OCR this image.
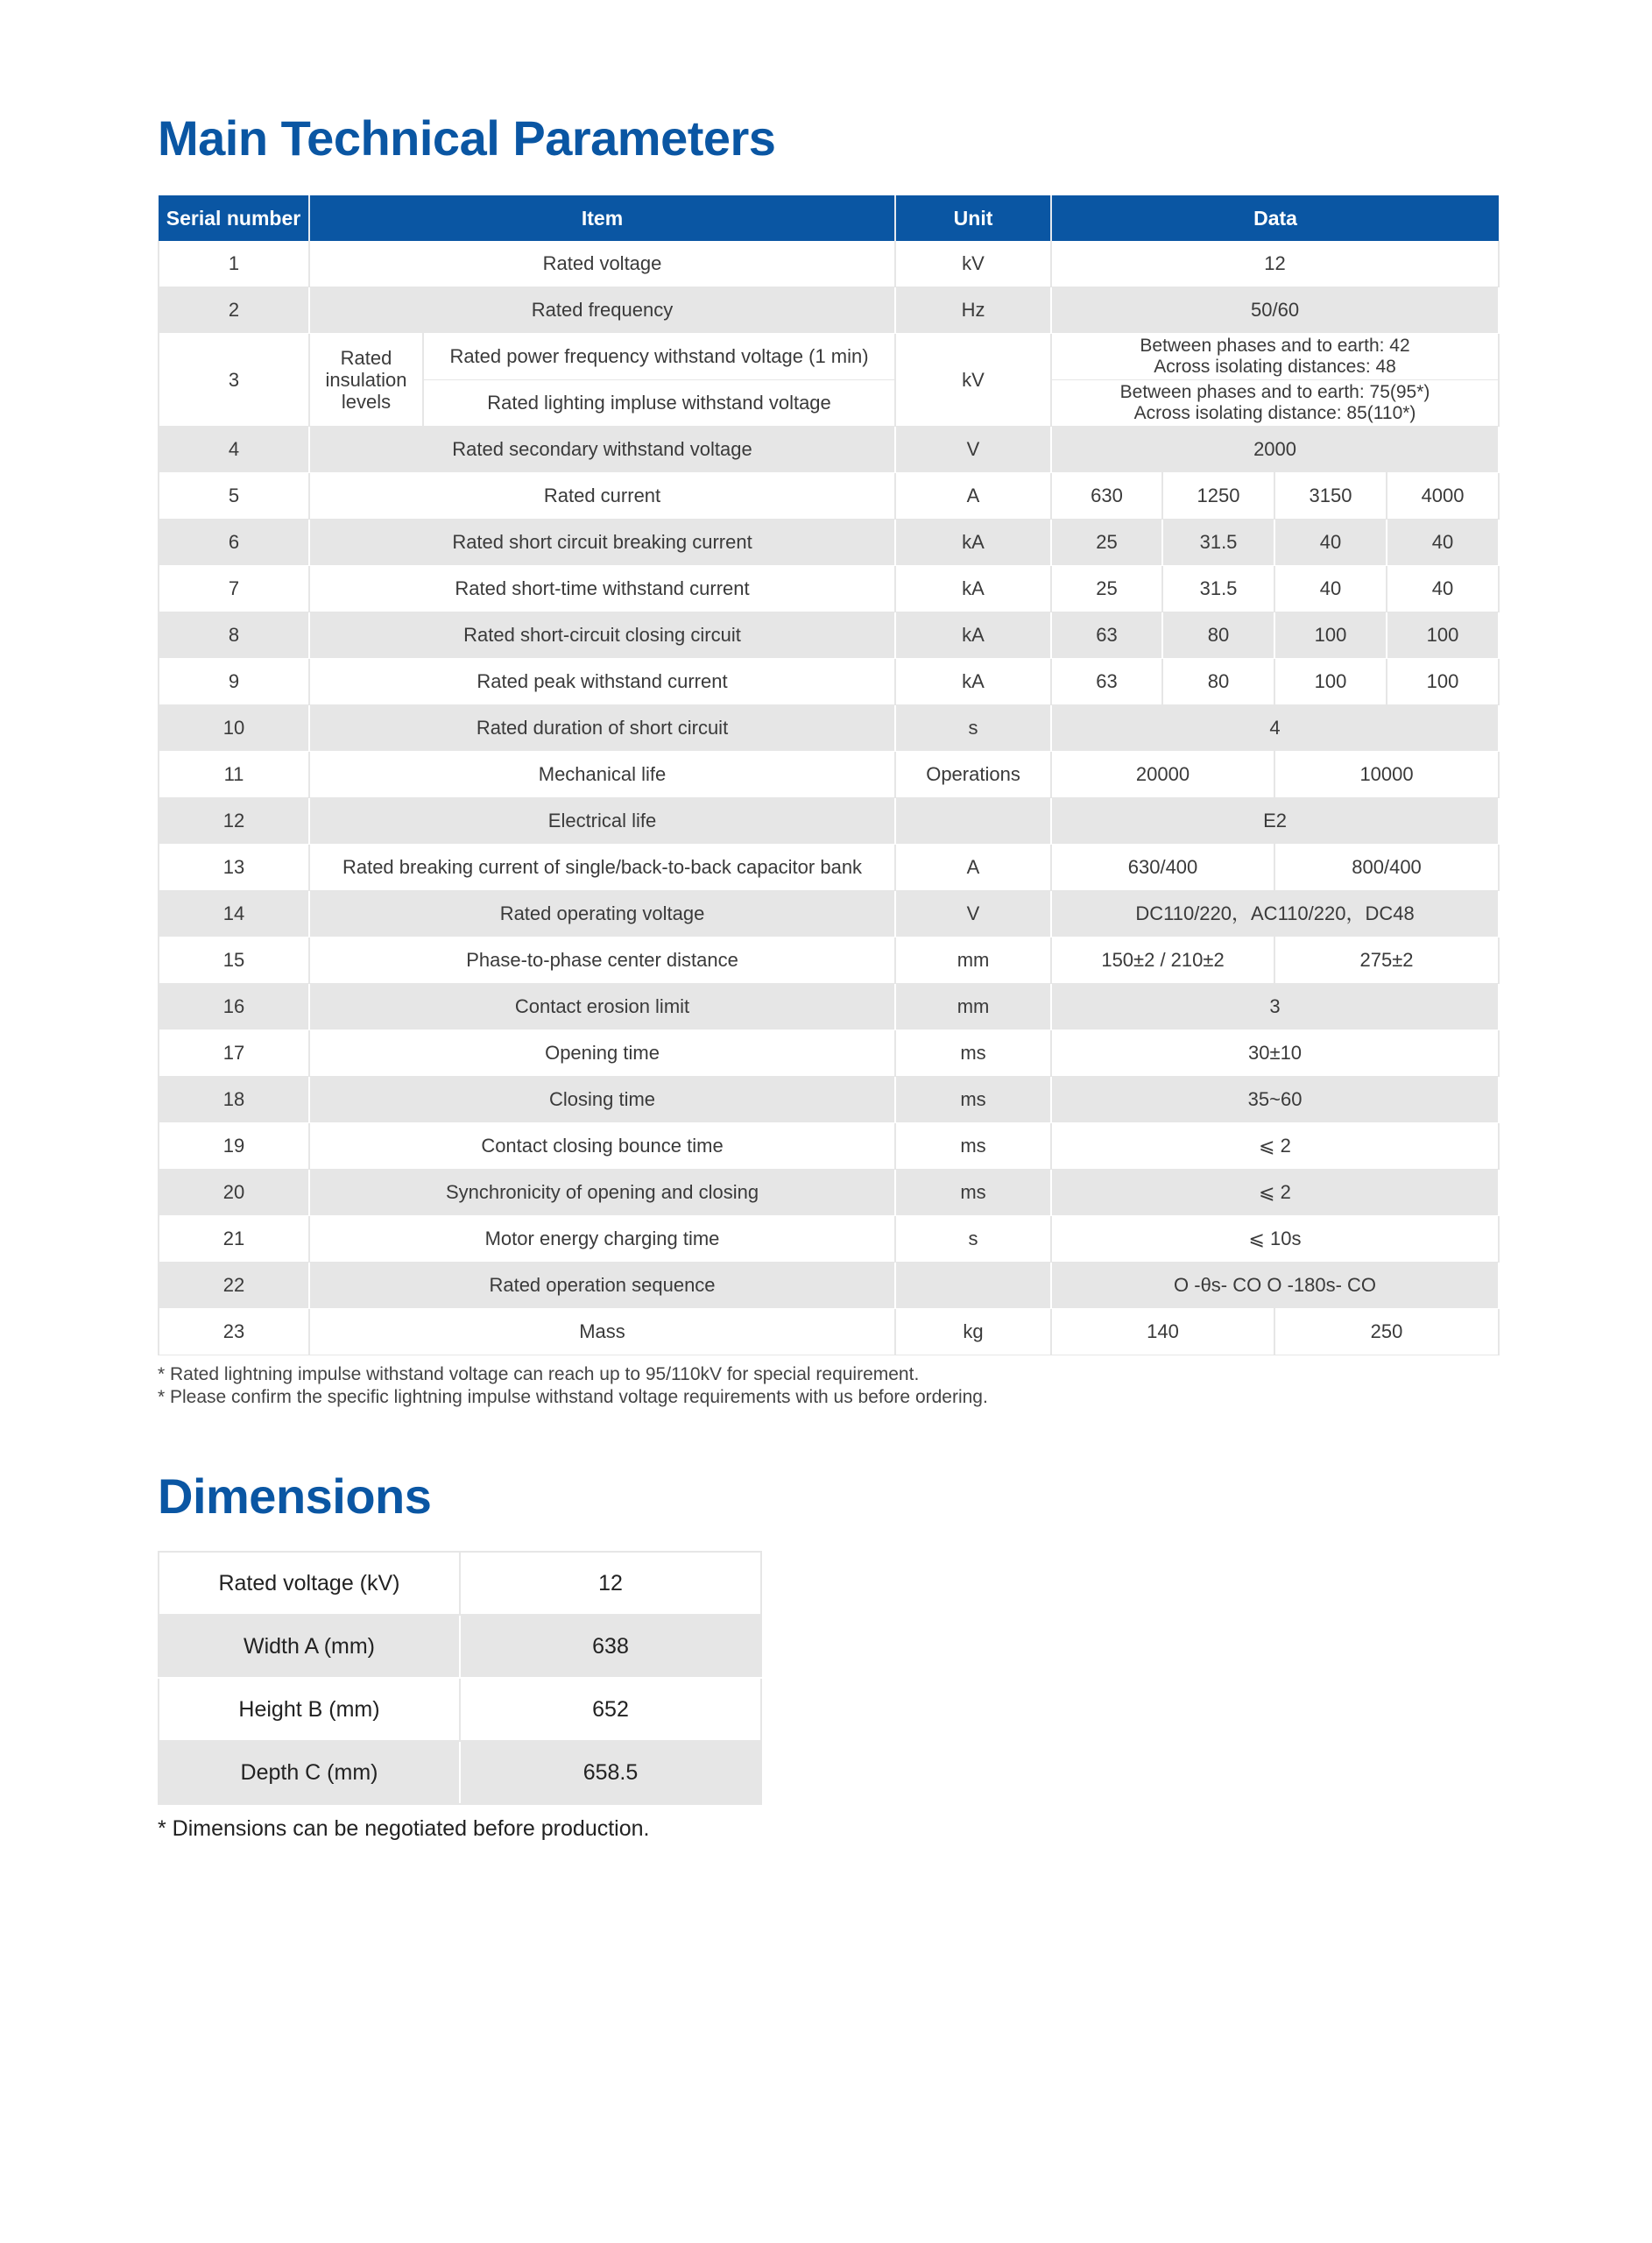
Main Technical Parameters
Serial number	Item		Unit	Data			
1	Rated voltage		kV	12			
2	Rated frequency		Hz	50/60			
3	Rated insulation levels	Rated power frequency withstand voltage (1 min)	kV	Between phases and to earth: 42
Across isolating distances: 48			
		Rated lighting impluse withstand voltage		Between phases and to earth: 75(95*)
Across isolating distance: 85(110*)			
4	Rated secondary withstand voltage		V	2000			
5	Rated current		A	630	1250	3150	4000
6	Rated short circuit breaking current		kA	25	31.5	40	40
7	Rated short-time withstand current		kA	25	31.5	40	40
8	Rated short-circuit closing circuit		kA	63	80	100	100
9	Rated peak withstand current		kA	63	80	100	100
10	Rated duration of short circuit		s	4			
11	Mechanical life		Operations	20000		10000	
12	Electrical life			E2			
13	Rated breaking current of single/back-to-back capacitor bank		A	630/400		800/400	
14	Rated operating voltage		V	DC110/220，AC110/220，DC48			
15	Phase-to-phase center distance		mm	150±2 / 210±2		275±2	
16	Contact erosion limit		mm	3			
17	Opening time		ms	30±10			
18	Closing time		ms	35~60			
19	Contact closing bounce time		ms	⩽ 2			
20	Synchronicity of opening and closing		ms	⩽ 2			
21	Motor energy charging time		s	⩽ 10s			
22	Rated operation sequence			O -θs- CO O -180s- CO			
23	Mass		kg	140		250	
* Rated lightning impulse withstand voltage can reach up to 95/110kV for special requirement.
* Please confirm the specific lightning impulse withstand voltage requirements with us before ordering.
Dimensions
Rated voltage (kV)	12
Width A (mm)	638
Height B (mm)	652
Depth C (mm)	658.5
* Dimensions can be negotiated before production.
